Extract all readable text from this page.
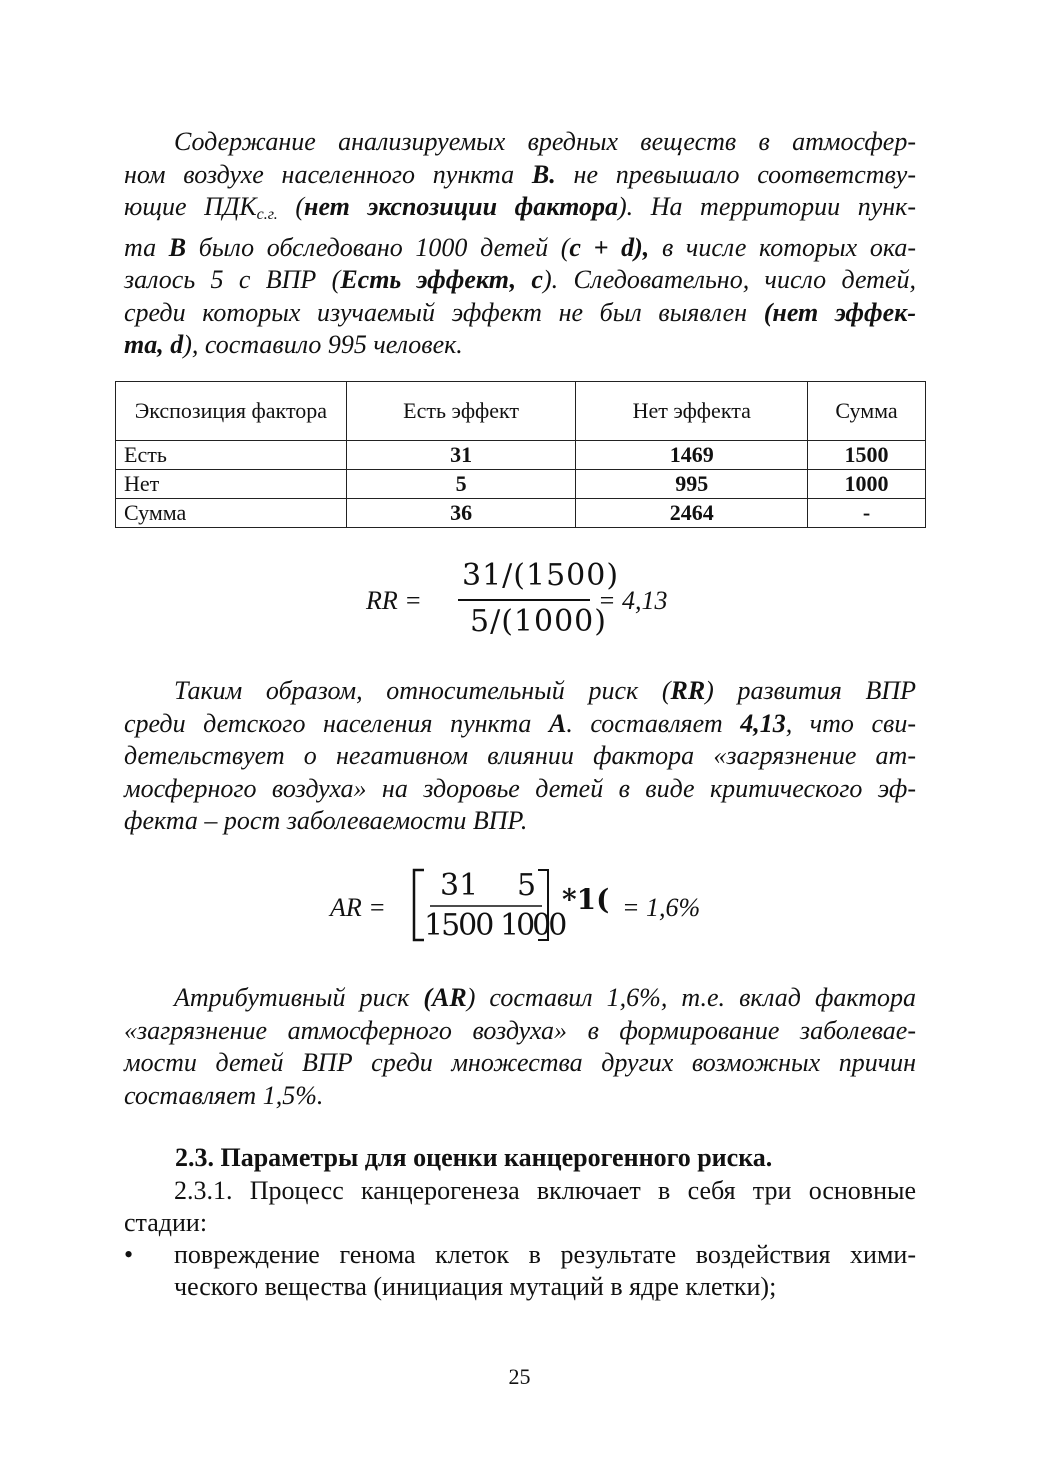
Содержание анализируемых вредных веществ в атмосфер-
ном воздухе населенного пункта B. не превышало соответству-
ющие $ПДК_{с.г.}$ (нет экспозиции фактора). На территории пунк-
та В было обследовано 1000 детей (c + d), в числе которых ока-
залось 5 с ВПР (Есть эффект, с). Следовательно, число детей,
среди которых изучаемый эффект не был выявлен (нет эффек-
та, d), составило 995 человек.
Экспозиция фактора	Есть эффект	Нет эффекта	Сумма
Есть	31	1469	1500
Нет	5	995	1000
Сумма	36	2464	-
RR =
31/(1500)
5/(1000)
= 4,13
Таким образом, относительный риск (RR) развития ВПР
среди детского населения пункта А. составляет 4,13, что сви-
детельствует о негативном влиянии фактора «загрязнение ат-
мосферного воздуха» на здоровье детей в виде критического эф-
фекта – рост заболеваемости ВПР.
AR =
31 5
1500 1000
*1( = 1,6%
Атрибутивный риск (AR) составил 1,6%, т.е. вклад фактора
«загрязнение атмосферного воздуха» в формирование заболевае-
мости детей ВПР среди множества других возможных причин
составляет 1,5%.
2.3. Параметры для оценки канцерогенного риска.
2.3.1. Процесс канцерогенеза включает в себя три основные
стадии:
• повреждение генома клеток в результате воздействия хими-
ческого вещества (инициация мутаций в ядре клетки);
25
